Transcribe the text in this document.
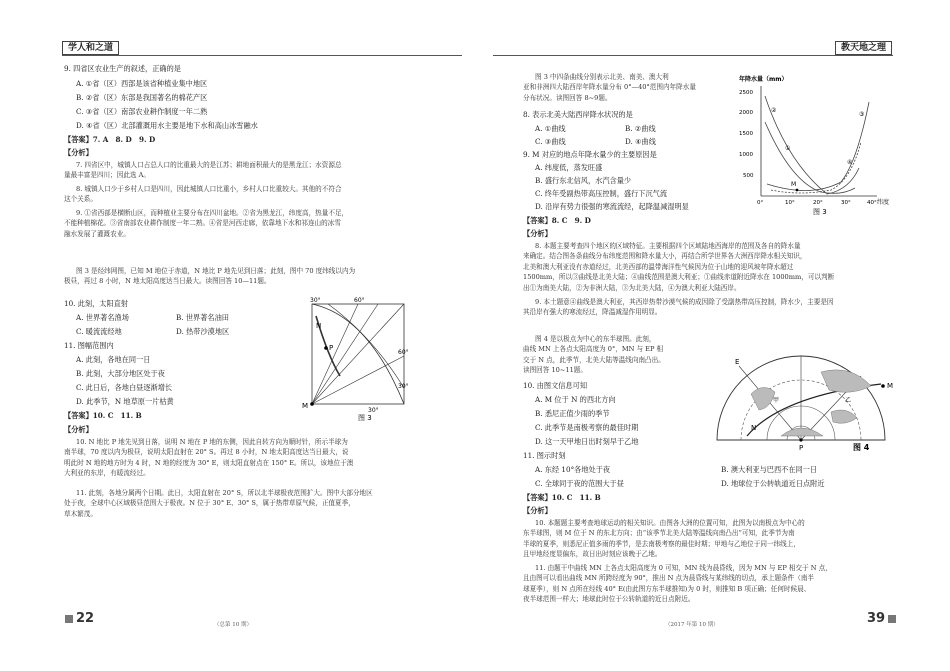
学人和之道
9. 四省区农业生产的叙述，正确的是
A. ①省（区）西部是该省种植业集中地区
B. ②省（区）东部是我国著名的棉花产区
C. ③省（区）南部农业耕作制度一年二熟
D. ④省（区）北部灌溉用水主要是地下水和高山冰雪融水
【答案】7. A　8. D　9. D
【分析】
7. 四省区中，城镇人口占总人口的比重最大的是江苏；耕地面积最大的是黑龙江；水资源总
量最丰富是四川；因此选 A。
8. 城镇人口少于乡村人口是四川，因此城镇人口比重小，乡村人口比重较大。其他的不符合
这个关系。
9. ①省西部是横断山区，而种植业主要分布在四川盆地。②省为黑龙江，纬度高，热量不足，
不能种植棉花。③省南部农业耕作制度一年二熟。④省是河西走廊，依靠地下水和祁连山的冰雪
融水发展了灌溉农业。
图 3 是经纬网图，已知 M 地位于赤道，N 地比 P 地先见到日落；此刻，图中 70 度纬线以内为
极昼，再过 8 小时，N 地太阳高度达当日最大。读图回答 10—11题。
10. 此刻，太阳直射
A. 世界著名渔场	B. 世界著名油田
C. 暖流流经地	D. 热带沙漠地区
11. 图幅范围内
A. 此刻，各地在同一日
B. 此刻，大部分地区处于夜
C. 此日后，各地白昼逐渐增长
D. 此季节，N 地草原一片枯黄
【答案】10. C　11. B
【分析】
10. N 地比 P 地先见到日落，说明 N 地在 P 地的东侧，因此自转方向为顺时针，所示半球为
南半球，70 度以内为极昼，说明太阳直射在 20° S。再过 8 小时，N 地太阳高度达当日最大，说
明此时 N 地的地方时为 4 时，N 地的经度为 30° E，则太阳直射点在 150° E。所以，该地位于澳
大利亚的东岸，有暖流经过。
11. 此刻，各地分属两个日期。此日，太阳直射在 20° S，所以北半球极夜范围扩大。图中大部分地区
处于夜，全球中心区域极昼范围大于极夜。N 位于 30° E、30° S，属于热带草原气候，正值夏季，
草木繁茂。
30°	60°
N
P
60°
30°
M
30°
图 3
22	（总第 10 期）
教天地之理
图 3 中四条曲线分别表示北美、南美、澳大利
亚和非洲四大陆西岸年降水量分布 0°—40°范围内年降水量
分布状况。读图回答 8~9题。
8. 表示北美大陆西岸降水状况的是
A. ①曲线	B. ②曲线
C. ③曲线	D. ④曲线
9. M 对应的地点年降水量少的主要原因是
A. 纬度低，蒸发旺盛
B. 盛行东北信风，水汽含量少
C. 终年受副热带高压控制，盛行下沉气流
D. 沿岸有势力很强的寒流流经，起降温减湿明显
【答案】8. C　9. D
【分析】
8. 本题主要考查四个地区的区域特征。主要根据四个区域陆地西海岸的范围及各自的降水量
来确定。结合图各条曲线分布纬度范围和降水量大小，再结合所学世界各大洲西岸降水相关知识，
北美和澳大利亚没有赤道经过，北美西部的温带海洋性气候因为位于山地的迎风坡年降水超过
1500mm，所以③曲线是北美大陆；④曲线范围是澳大利亚；①曲线赤道附近降水在 1000mm，可以判断
出①为南美大陆，②为非洲大陆，③为北美大陆，④为澳大利亚大陆西岸。
9. 本土题意④曲线是澳大利亚，其西岸热带沙漠气候的成因除了受副热带高压控制，降水少，主要是因
其沿岸有强大的寒流经过，降温减湿作用明显。
图 4 是以极点为中心的东半球图。此刻，
曲线 MN 上各点太阳高度为 0°，MN 与 EP 相
交于 N 点，此季节，北美大陆等温线向南凸出。
读图回答 10~11题。
10. 由图文信息可知
A. M 位于 N 的西北方向
B. 悉尼正值少雨的季节
C. 此季节是南极考察的最佳时期
D. 这一天甲地日出时刻早于乙地
11. 图示时刻
A. 东经 10°各地处于夜	B. 澳大利亚与巴西不在同一日
C. 全球同于夜的范围大于昼	D. 地球位于公转轨道近日点附近
【答案】10. C　11. B
【分析】
10. 本题题主要考查地球运动的相关知识。由图各大洲的位置可知，此图为以南极点为中心的
东半球图，则 M 位于 N 的东北方向；由“该季节北美大陆等温线向南凸出”可知，此季节为南
半球的夏季，则悉尼正值多雨的季节，是去南极考察的最佳时期；甲地与乙地位于同一纬线上，
且甲地经度显偏东，故日出时刻应该晚于乙地。
11. 由题干中曲线 MN 上各点太阳高度为 0 可知，MN 线为晨昏线，因为 MN 与 EP 相交于 N 点，
且由图可以看出曲线 MN 所跨经度为 90°，推出 N 点为晨昏线与某纬线的切点，承上题条件（南半
球夏季），则 N 点所在经线 40° E(由此图方东半球推知)为 0 时，则推知 B 项正确；任何时候晨、
夜半球范围一样大；地球此时位于公转轨道的近日点附近。
年降水量（mm）
2500
2000
1500
1000
500
0°	10°	20°	30°	40° 纬度
①
②
③
④
M
图 3
E
M
N
P
甲	乙
图 4
39
（2017 年第 10 期）
